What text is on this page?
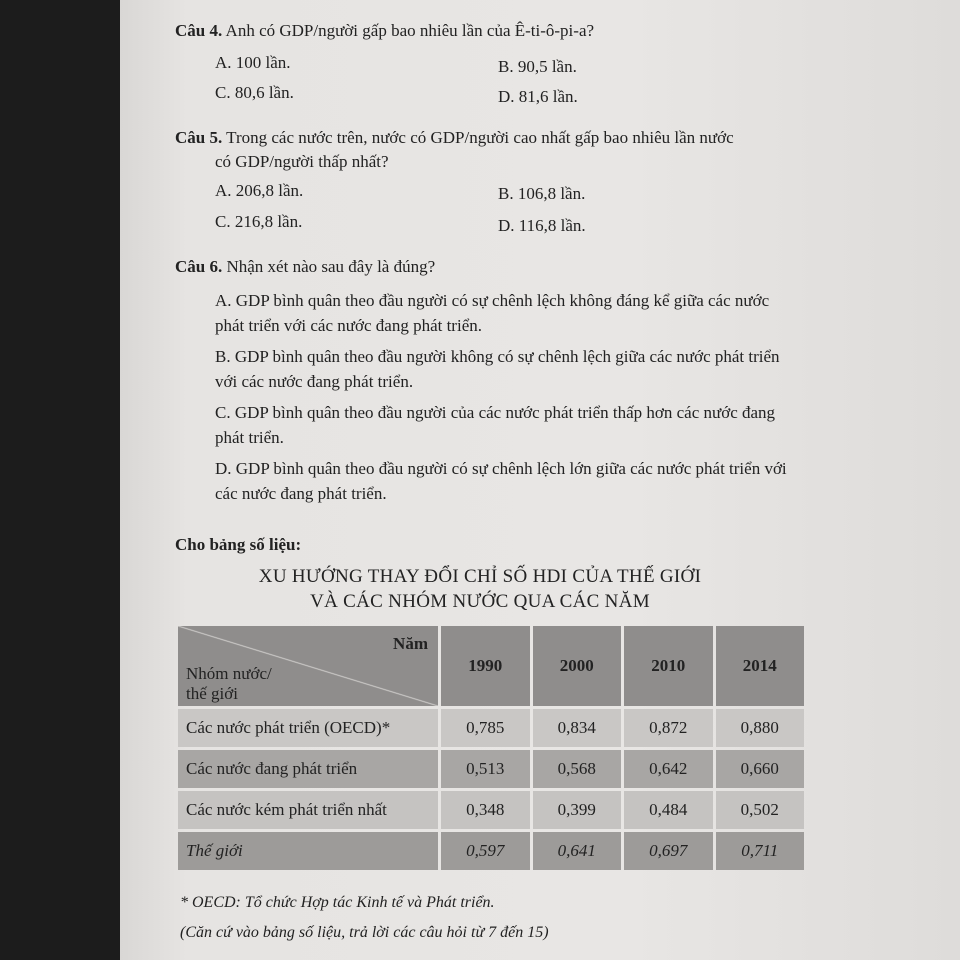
Câu 4. Anh có GDP/người gấp bao nhiêu lần của Ê-ti-ô-pi-a?
A. 100 lần.	B. 90,5 lần.
C. 80,6 lần.	D. 81,6 lần.
Câu 5. Trong các nước trên, nước có GDP/người cao nhất gấp bao nhiêu lần nước
có GDP/người thấp nhất?
A. 206,8 lần.	B. 106,8 lần.
C. 216,8 lần.	D. 116,8 lần.
Câu 6. Nhận xét nào sau đây là đúng?
A. GDP bình quân theo đầu người có sự chênh lệch không đáng kể giữa các nước phát triển với các nước đang phát triển.
B. GDP bình quân theo đầu người không có sự chênh lệch giữa các nước phát triển với các nước đang phát triển.
C. GDP bình quân theo đầu người của các nước phát triển thấp hơn các nước đang phát triển.
D. GDP bình quân theo đầu người có sự chênh lệch lớn giữa các nước phát triển với các nước đang phát triển.
Cho bảng số liệu:
XU HƯỚNG THAY ĐỔI CHỈ SỐ HDI CỦA THẾ GIỚI
VÀ CÁC NHÓM NƯỚC QUA CÁC NĂM
Năm
Nhóm nước/
thế giới	1990	2000	2010	2014
Các nước phát triển (OECD)*	0,785	0,834	0,872	0,880
Các nước đang phát triển	0,513	0,568	0,642	0,660
Các nước kém phát triển nhất	0,348	0,399	0,484	0,502
Thế giới	0,597	0,641	0,697	0,711
* OECD: Tổ chức Hợp tác Kinh tế và Phát triển.
(Căn cứ vào bảng số liệu, trả lời các câu hỏi từ 7 đến 15)
